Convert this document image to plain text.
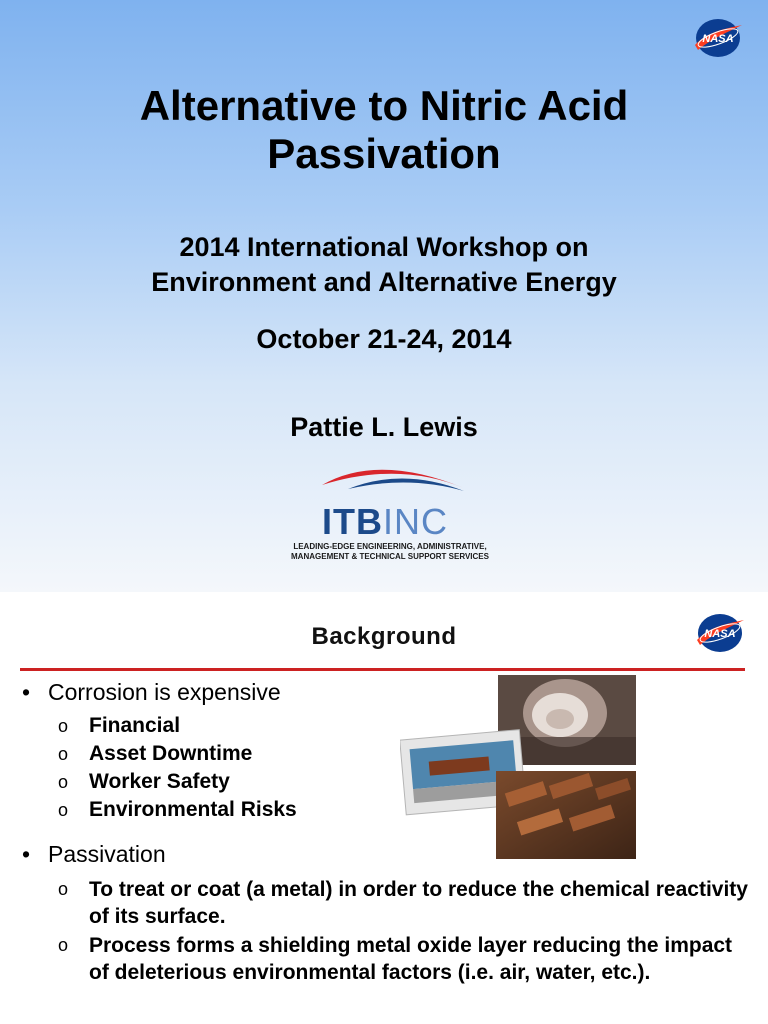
NASA
Alternative to Nitric Acid
Passivation
2014 International Workshop on
Environment and Alternative Energy
October 21-24, 2014
Pattie L. Lewis
ITBINC
LEADING-EDGE ENGINEERING, ADMINISTRATIVE,
MANAGEMENT & TECHNICAL SUPPORT SERVICES
Background	NASA
• Corrosion is expensive
o Financial
o Asset Downtime
o Worker Safety
o Environmental Risks
• Passivation
o To treat or coat (a metal) in order to reduce the chemical reactivity of its surface.
o Process forms a shielding metal oxide layer reducing the impact of deleterious environmental factors (i.e. air, water, etc.).
